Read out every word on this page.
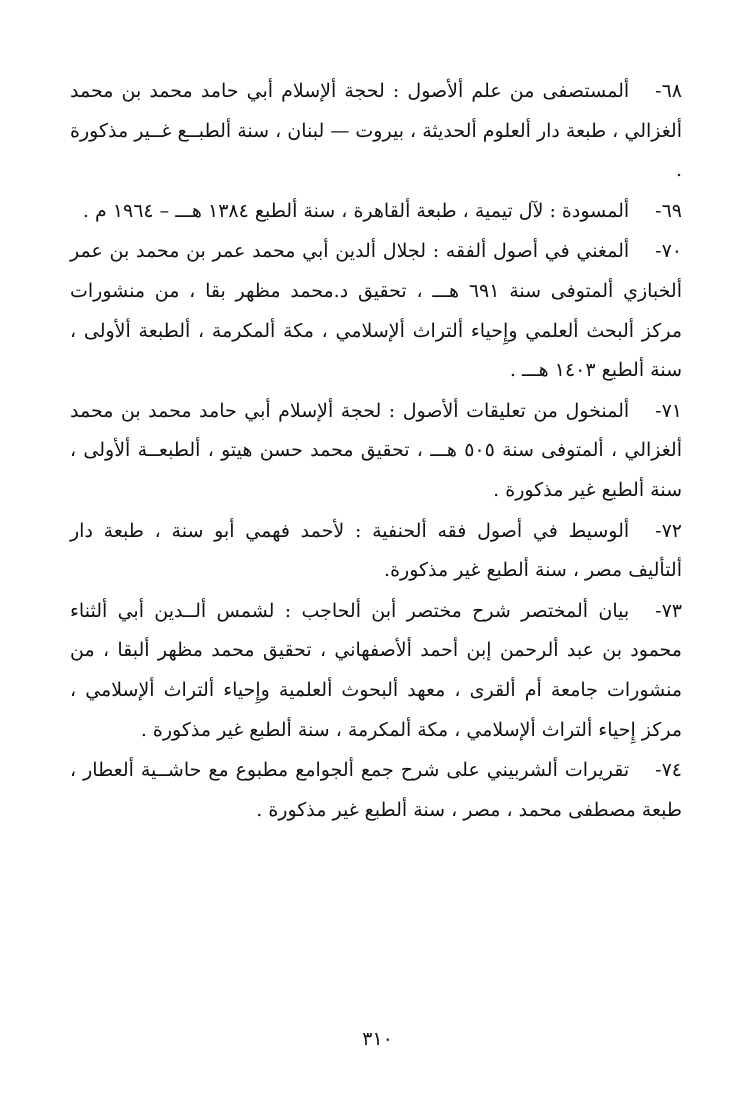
٦٨-ألمستصفى من علم ألأصول : لحجة ألإسلام أبي حامد محمد بن محمد ألغزالي ، طبعة دار ألعلوم ألحديثة ، بيروت — لبنان ، سنة ألطبــع غــير مذكورة .

٦٩-ألمسودة : لآل تيمية ، طبعة ألقاهرة ، سنة ألطبع ١٣٨٤ هـــ – ١٩٦٤ م .

٧٠-ألمغني في أصول ألفقه : لجلال ألدين أبي محمد عمر بن محمد بن عمر ألخبازي ألمتوفى سنة ٦٩١ هـــ ، تحقيق د.محمد مظهر بقا ، من منشورات مركز ألبحث ألعلمي وإِحياء ألتراث ألإسلامي ، مكة ألمكرمة ، ألطبعة ألأولى ، سنة ألطبع ١٤٠٣ هـــ .

٧١-ألمنخول من تعليقات ألأصول : لحجة ألإسلام أبي حامد محمد بن محمد ألغزالي ، ألمتوفى سنة ٥٠٥ هـــ ، تحقيق محمد حسن هيتو ، ألطبعــة ألأولى ، سنة ألطبع غير مذكورة .

٧٢-ألوسيط في أصول فقه ألحنفية : لأحمد فهمي أبو سنة ، طبعة دار ألتأليف مصر ، سنة ألطبع غير مذكورة.

٧٣-بيان ألمختصر شرح مختصر أبن ألحاجب : لشمس ألــدين أبي ألثناء محمود بن عبد ألرحمن إبن أحمد ألأصفهاني ، تحقيق محمد مظهر ألبقا ، من منشورات جامعة أم ألقرى ، معهد ألبحوث ألعلمية وإِحياء ألتراث ألإسلامي ، مركز إِحياء ألتراث ألإسلامي ، مكة ألمكرمة ، سنة ألطبع غير مذكورة .

٧٤-تقريرات ألشربيني على شرح جمع ألجوامع مطبوع مع حاشــية ألعطار ، طبعة مصطفى محمد ، مصر ، سنة ألطبع غير مذكورة .

٣١٠
